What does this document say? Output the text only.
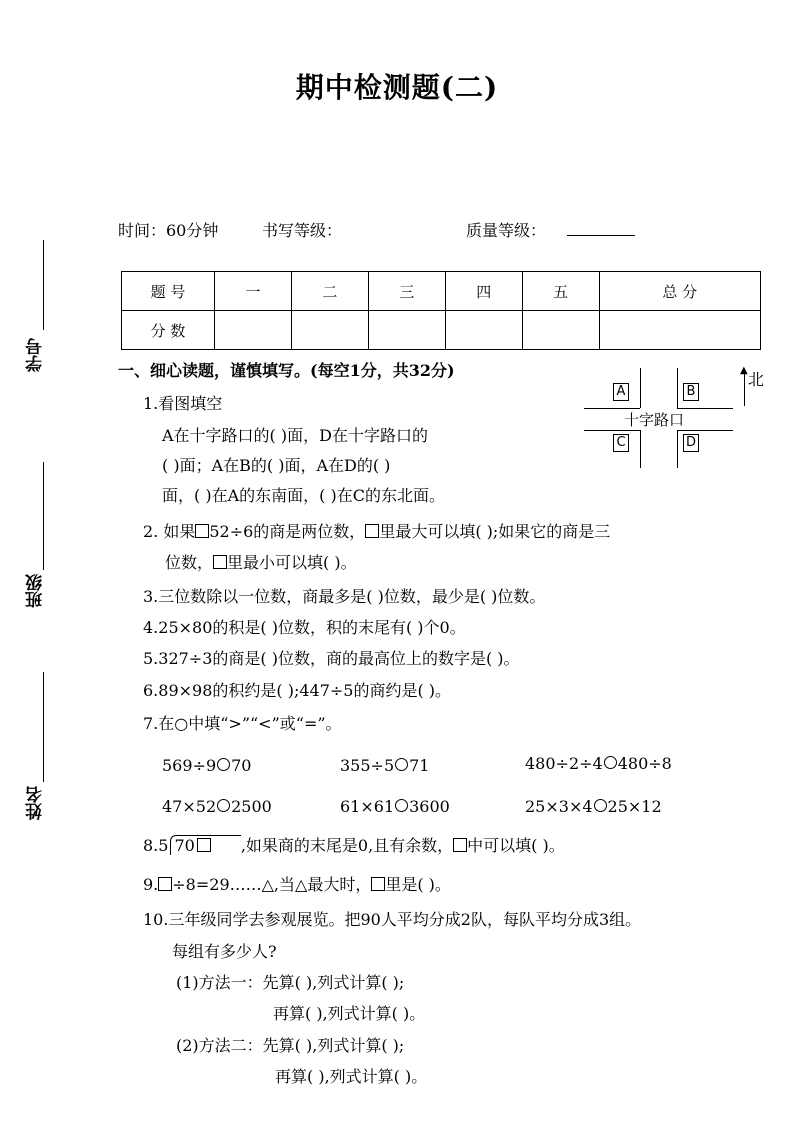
期中检测题(二)
时间：60分钟	书写等级：	质量等级：
学号
班级
姓名
题 号	一	二	三	四	五	总 分
分 数						
一、细心读题，谨慎填写。(每空1分，共32分)
1.看图填空
A在十字路口的( )面，D在十字路口的
( )面；A在B的( )面，A在D的( )
面，( )在A的东南面，( )在C的东北面。
十字路口
A	B
C	D
▲ 北
2. 如果 52÷6的商是两位数， 里最大可以填( );如果它的商是三
位数， 里最小可以填( )。
3.三位数除以一位数，商最多是( )位数，最少是( )位数。
4.25×80的积是( )位数，积的末尾有( )个0。
5.327÷3的商是( )位数，商的最高位上的数字是( )。
6.89×98的积约是( );447÷5的商约是( )。
7.在○中填“>”“<”或“=”。
569÷9 70	355÷5 71	480÷2÷4 480÷8
47×52 2500	61×61 3600	25×3×4 25×12
8.5 70	,如果商的末尾是0,且有余数， 中可以填( )。
9. ÷8=29……△,当△最大时， 里是( )。
10.三年级同学去参观展览。把90人平均分成2队，每队平均分成3组。
每组有多少人?
(1)方法一：先算( ),列式计算( );
再算( ),列式计算( )。
(2)方法二：先算( ),列式计算( );
再算( ),列式计算( )。
